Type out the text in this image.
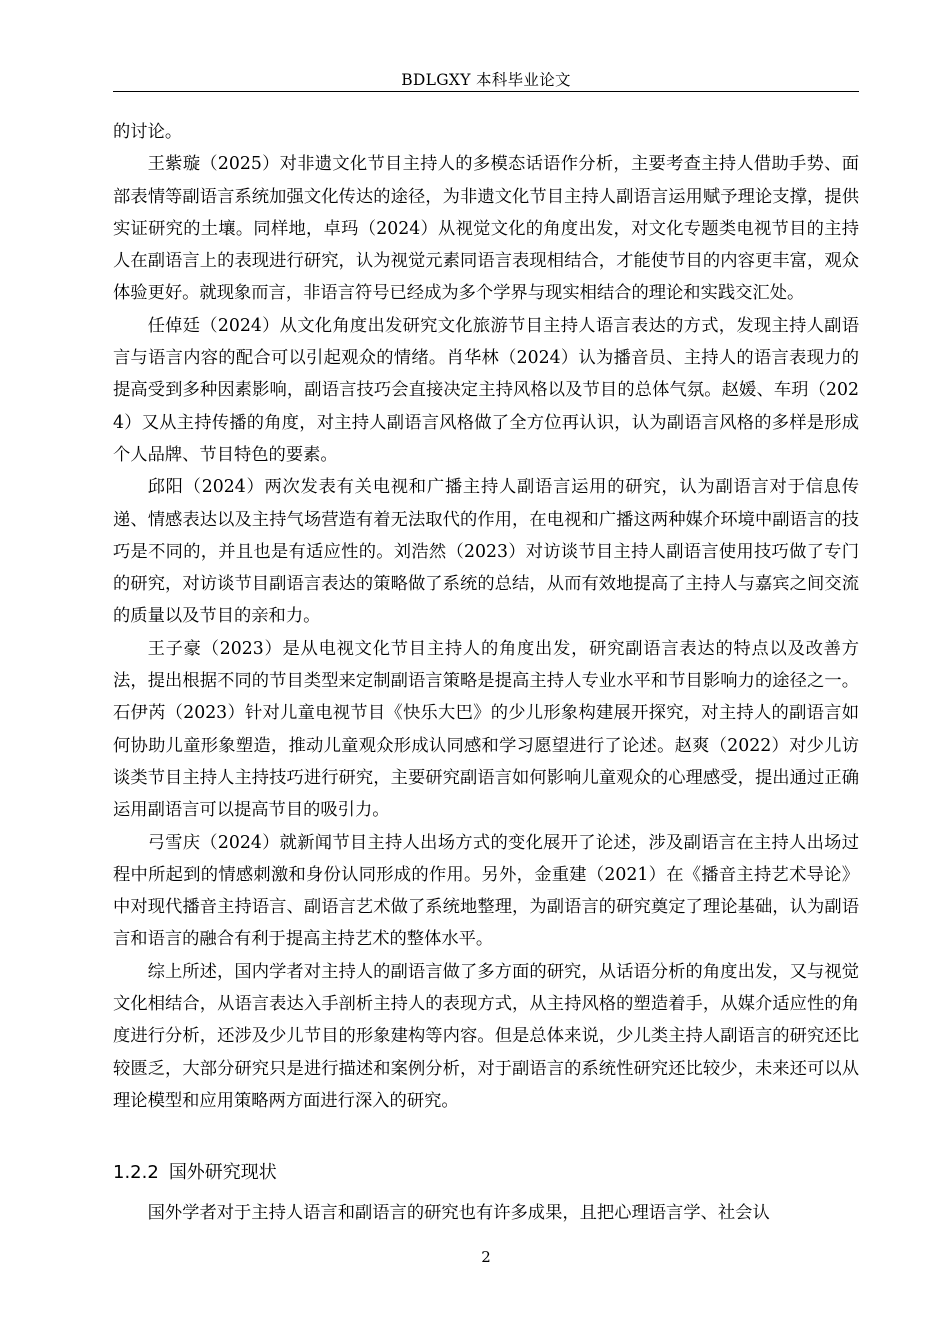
BDLGXY 本科毕业论文

的讨论。

王紫璇（2025）对非遗文化节目主持人的多模态话语作分析，主要考查主持人借助手势、面部表情等副语言系统加强文化传达的途径，为非遗文化节目主持人副语言运用赋予理论支撑，提供实证研究的土壤。同样地，卓玛（2024）从视觉文化的角度出发，对文化专题类电视节目的主持人在副语言上的表现进行研究，认为视觉元素同语言表现相结合，才能使节目的内容更丰富，观众体验更好。就现象而言，非语言符号已经成为多个学界与现实相结合的理论和实践交汇处。

任倬廷（2024）从文化角度出发研究文化旅游节目主持人语言表达的方式，发现主持人副语言与语言内容的配合可以引起观众的情绪。肖华林（2024）认为播音员、主持人的语言表现力的提高受到多种因素影响，副语言技巧会直接决定主持风格以及节目的总体气氛。赵媛、车玥（2024）又从主持传播的角度，对主持人副语言风格做了全方位再认识，认为副语言风格的多样是形成个人品牌、节目特色的要素。

邱阳（2024）两次发表有关电视和广播主持人副语言运用的研究，认为副语言对于信息传递、情感表达以及主持气场营造有着无法取代的作用，在电视和广播这两种媒介环境中副语言的技巧是不同的，并且也是有适应性的。刘浩然（2023）对访谈节目主持人副语言使用技巧做了专门的研究，对访谈节目副语言表达的策略做了系统的总结，从而有效地提高了主持人与嘉宾之间交流的质量以及节目的亲和力。

王子豪（2023）是从电视文化节目主持人的角度出发，研究副语言表达的特点以及改善方法，提出根据不同的节目类型来定制副语言策略是提高主持人专业水平和节目影响力的途径之一。石伊芮（2023）针对儿童电视节目《快乐大巴》的少儿形象构建展开探究，对主持人的副语言如何协助儿童形象塑造，推动儿童观众形成认同感和学习愿望进行了论述。赵爽（2022）对少儿访谈类节目主持人主持技巧进行研究，主要研究副语言如何影响儿童观众的心理感受，提出通过正确运用副语言可以提高节目的吸引力。

弓雪庆（2024）就新闻节目主持人出场方式的变化展开了论述，涉及副语言在主持人出场过程中所起到的情感刺激和身份认同形成的作用。另外，金重建（2021）在《播音主持艺术导论》中对现代播音主持语言、副语言艺术做了系统地整理，为副语言的研究奠定了理论基础，认为副语言和语言的融合有利于提高主持艺术的整体水平。

综上所述，国内学者对主持人的副语言做了多方面的研究，从话语分析的角度出发，又与视觉文化相结合，从语言表达入手剖析主持人的表现方式，从主持风格的塑造着手，从媒介适应性的角度进行分析，还涉及少儿节目的形象建构等内容。但是总体来说，少儿类主持人副语言的研究还比较匮乏，大部分研究只是进行描述和案例分析，对于副语言的系统性研究还比较少，未来还可以从理论模型和应用策略两方面进行深入的研究。

1.2.2 国外研究现状

国外学者对于主持人语言和副语言的研究也有许多成果，且把心理语言学、社会认

2
